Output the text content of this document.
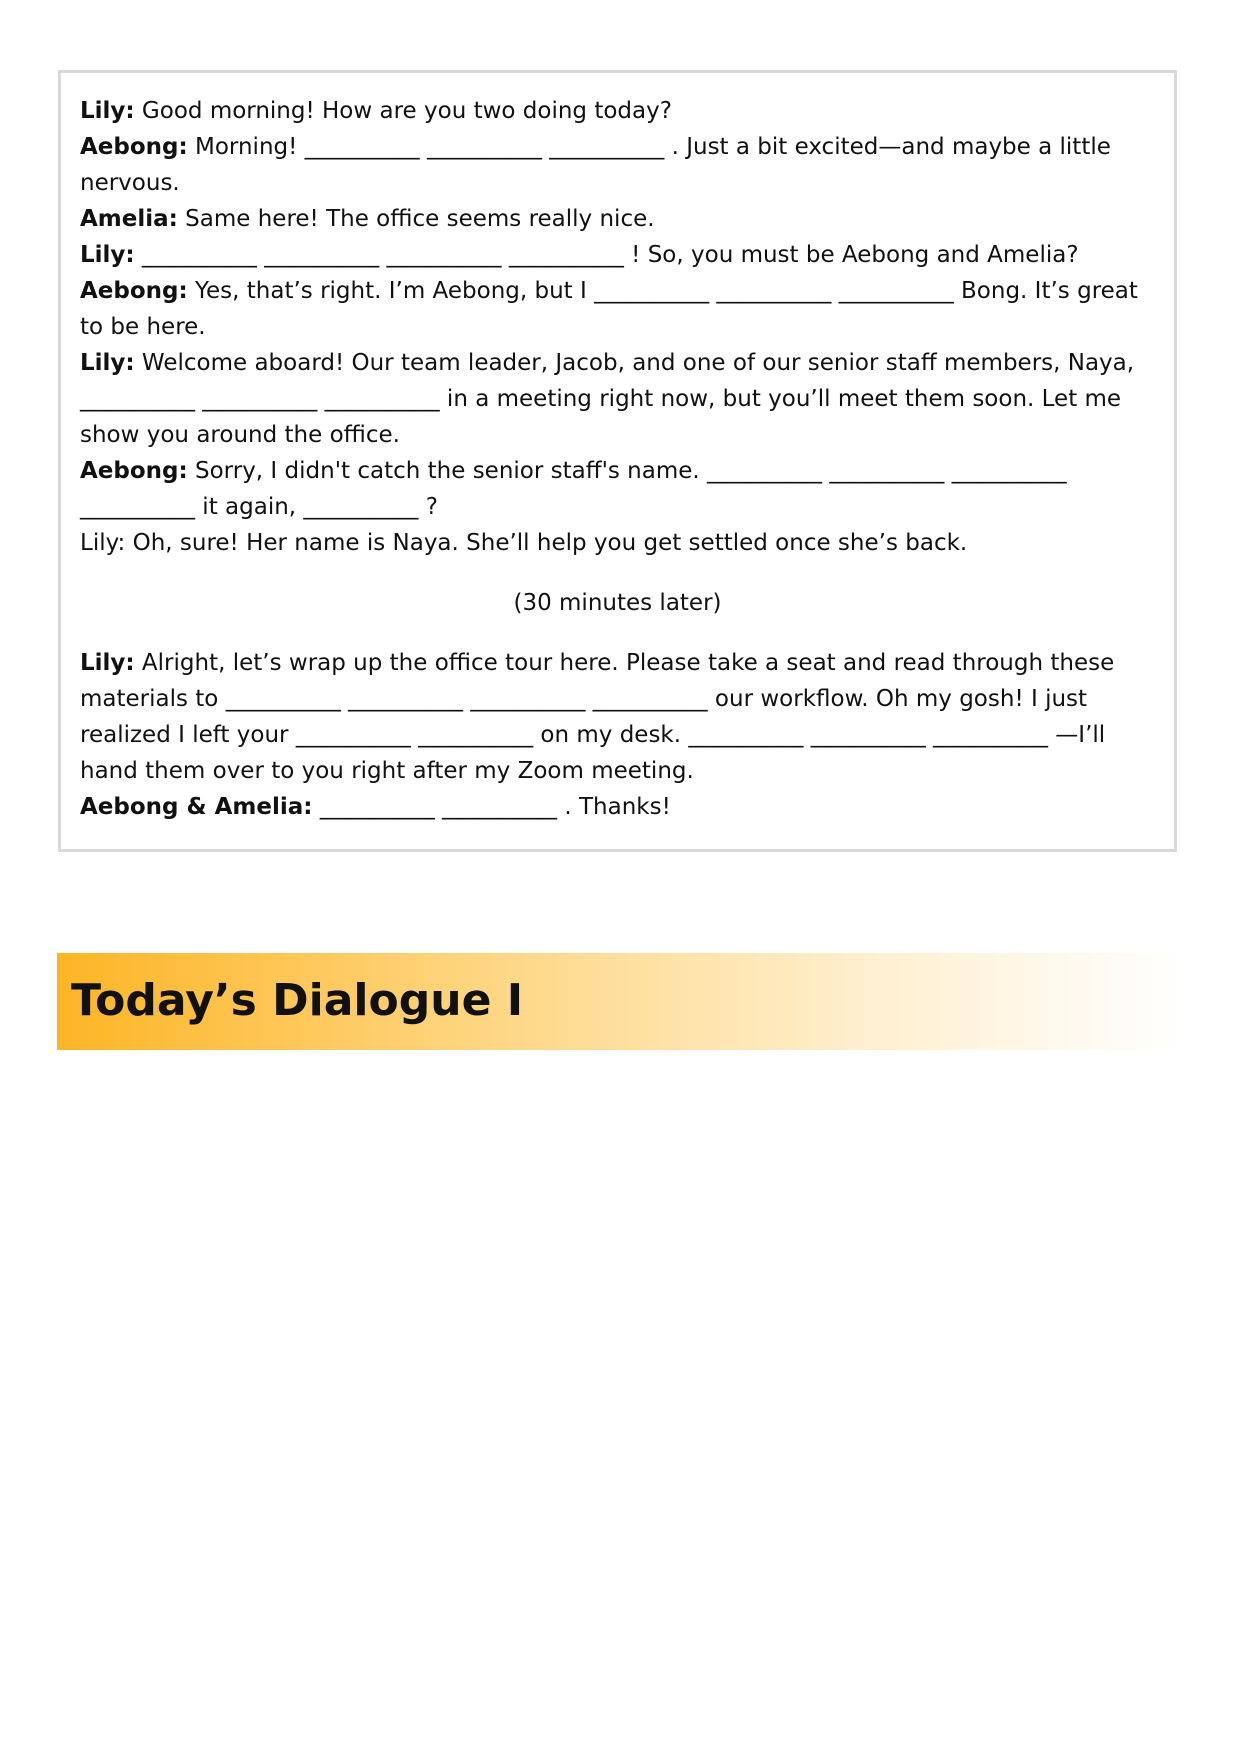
Lily: Good morning! How are you two doing today?

Aebong: Morning! __________ __________ __________ . Just a bit excited—and maybe a little

nervous.

Amelia: Same here! The office seems really nice.

Lily: __________ __________ __________ __________ ! So, you must be Aebong and Amelia?

Aebong: Yes, that’s right. I’m Aebong, but I __________ __________ __________ Bong. It’s great

to be here.

Lily: Welcome aboard! Our team leader, Jacob, and one of our senior staff members, Naya,

__________ __________ __________ in a meeting right now, but you’ll meet them soon. Let me

show you around the office.

Aebong: Sorry, I didn't catch the senior staff's name. __________ __________ __________

__________ it again, __________ ?

Lily: Oh, sure! Her name is Naya. She’ll help you get settled once she’s back.

(30 minutes later)

Lily: Alright, let’s wrap up the office tour here. Please take a seat and read through these

materials to __________ __________ __________ __________ our workflow. Oh my gosh! I just

realized I left your __________ __________ on my desk. __________ __________ __________ —I’ll

hand them over to you right after my Zoom meeting.

Aebong & Amelia: __________ __________ . Thanks!

Today’s Dialogue I
